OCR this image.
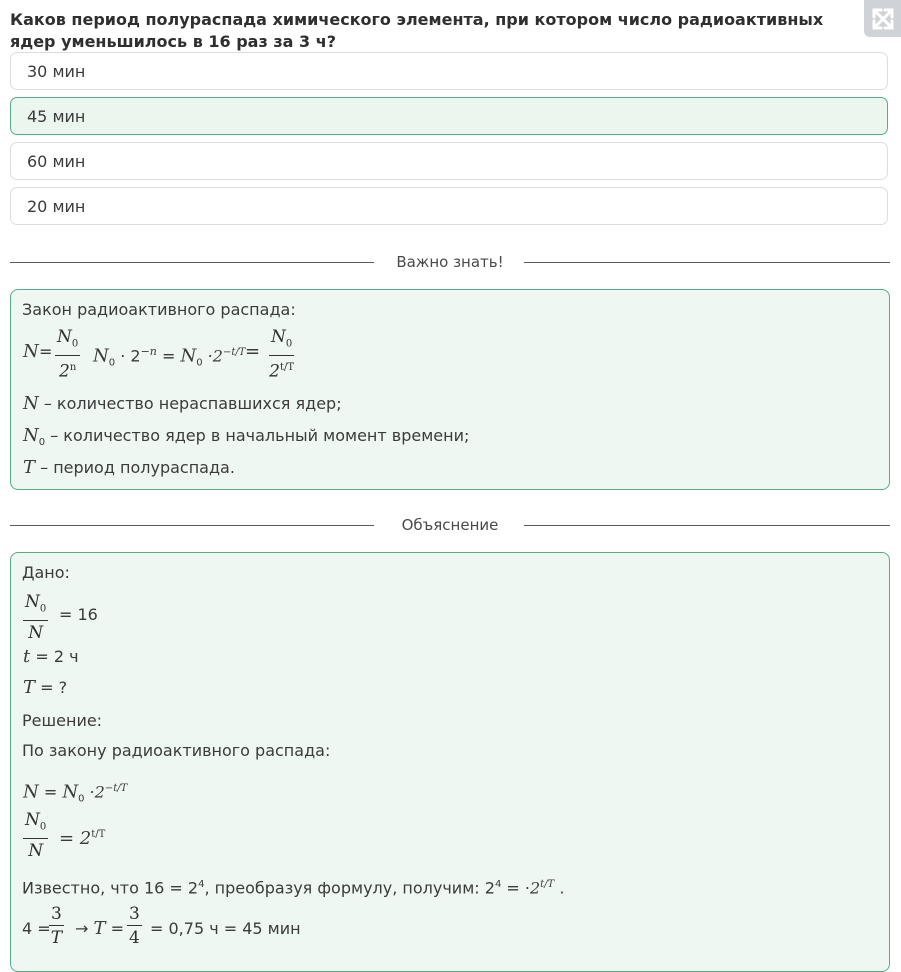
Каков период полураспада химического элемента, при котором число радиоактивных ядер уменьшилось в 16 раз за 3 ч?

30 мин
45 мин
60 мин
20 мин
Важно знать!
Закон радиоактивного распада:
$N = \frac{N_0}{2^n} N_0 \cdot 2^{-n} = N_0 \cdot 2^{-t/T} = \frac{N_0}{2^{t/T}}$
N – количество нераспавшихся ядер;
$N_0$ – количество ядер в начальный момент времени;
T – период полураспада.
Объяснение
Дано:
$\frac{N_0}{N} = 16$
t = 2 ч
T = ?
Решение:
По закону радиоактивного распада:
$N = N_0 \cdot 2^{-t/T}$
$\frac{N_0}{N} = 2^{t/T}$
Известно, что $16 = 2^4$, преобразуя формулу, получим: $2^4 = \cdot 2^{t/T}$ .
4 =
$\frac{3}{T} \to T = \frac{3}{4} = 0,75$ ч = 45 мин
